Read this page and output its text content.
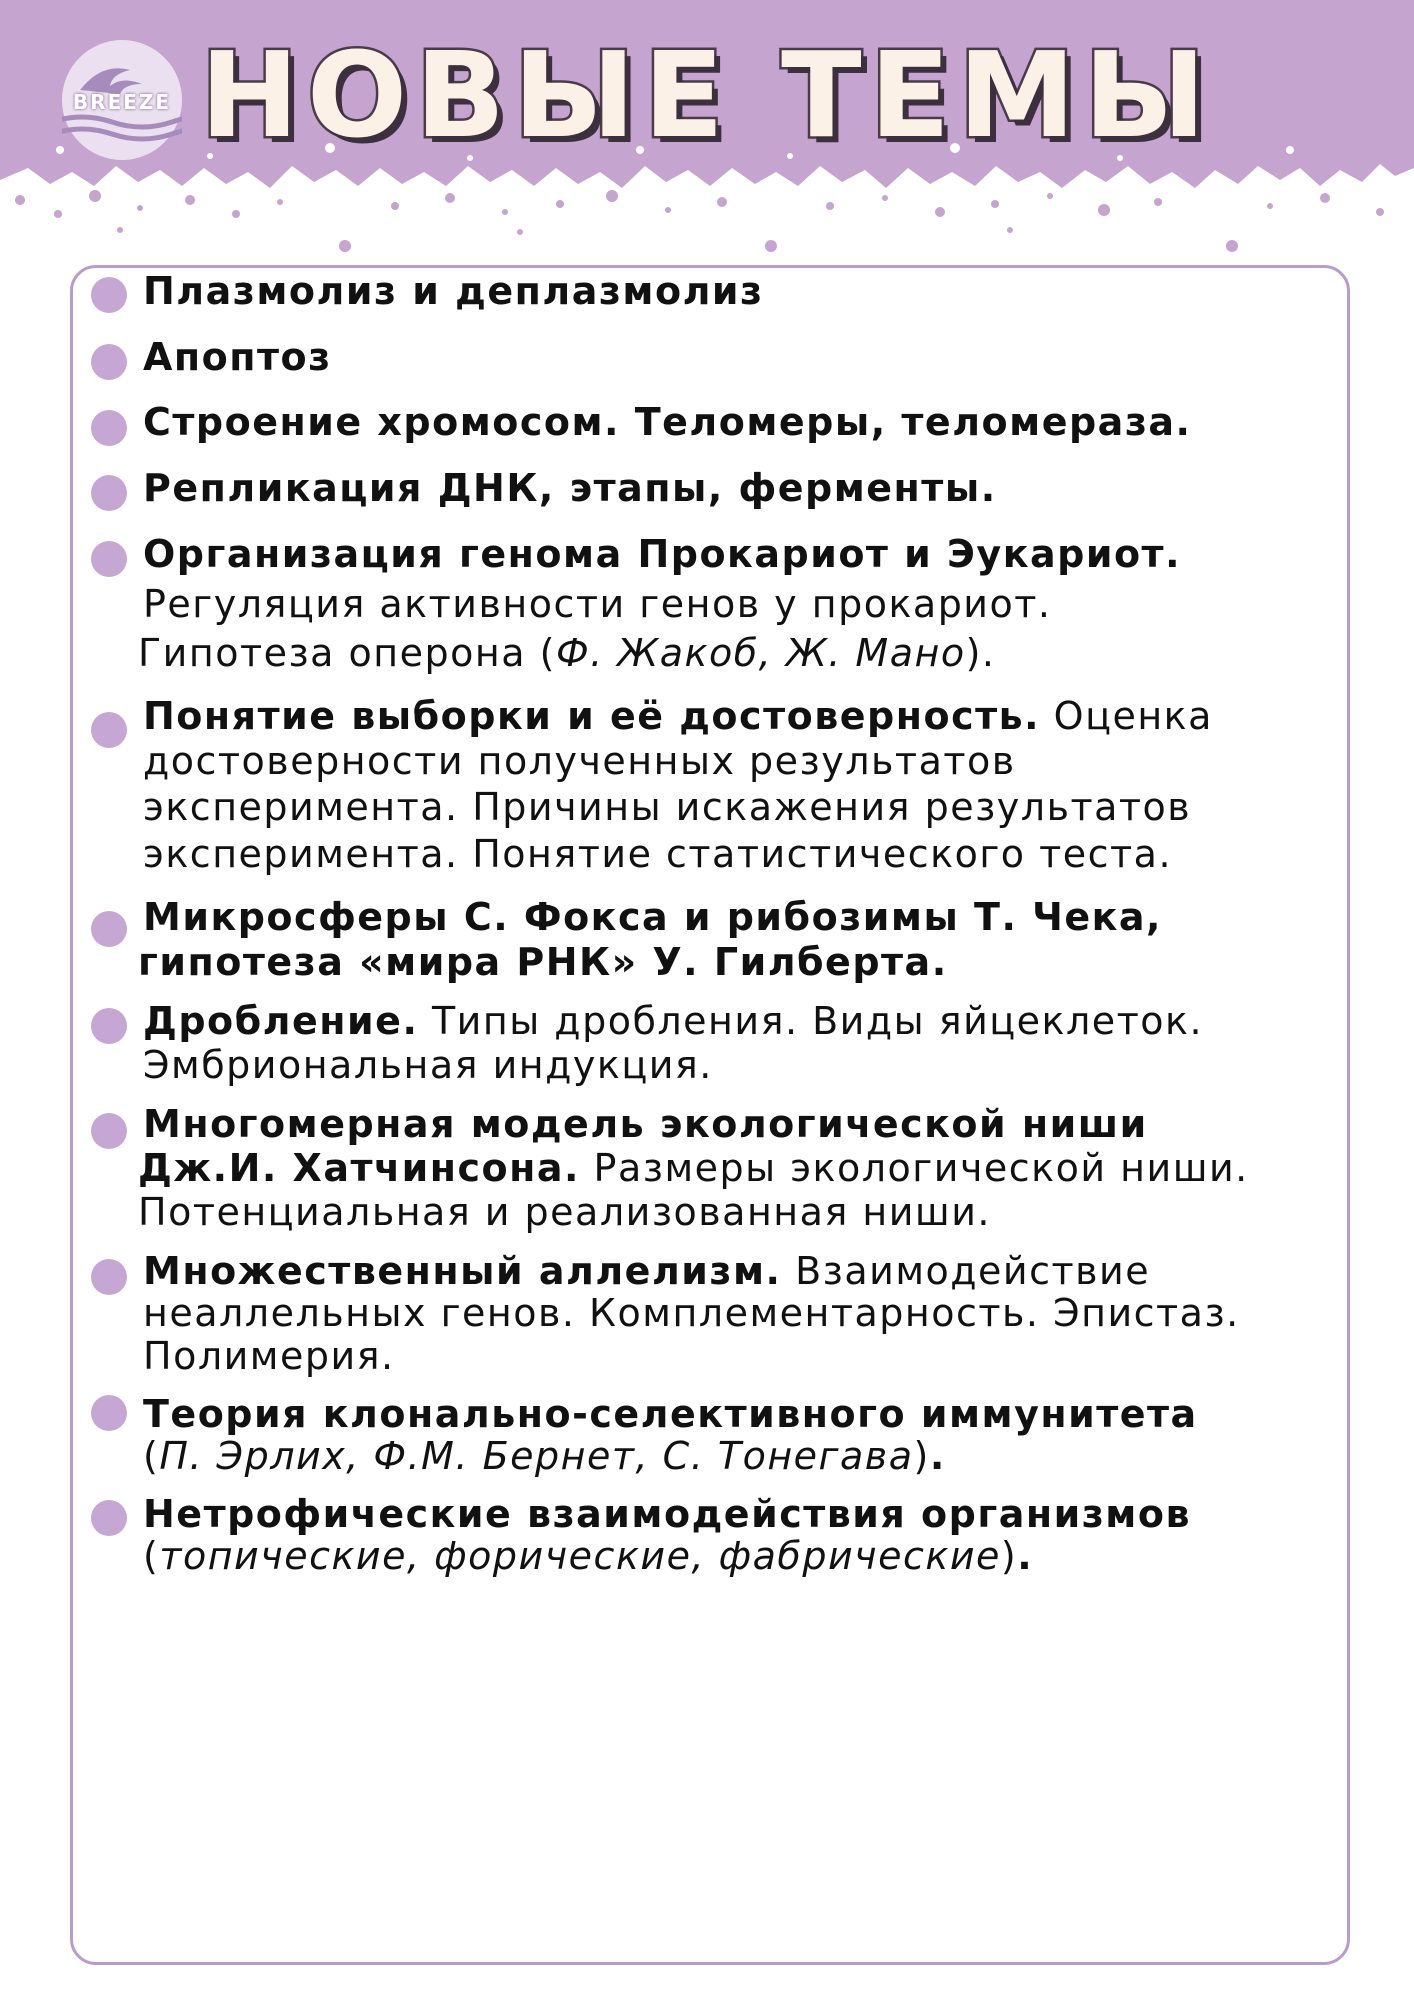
BREEZE НОВЫЕ ТЕМЫ
Плазмолиз и деплазмолиз
Апоптоз
Строение хромосом. Теломеры, теломераза.
Репликация ДНК, этапы, ферменты.
Организация генома Прокариот и Эукариот.
Регуляция активности генов у прокариот.
Гипотеза оперона (Ф. Жакоб, Ж. Мано).
Понятие выборки и её достоверность. Оценка
достоверности полученных результатов
эксперимента. Причины искажения результатов
эксперимента. Понятие статистического теста.
Микросферы С. Фокса и рибозимы Т. Чека,
гипотеза «мира РНК» У. Гилберта.
Дробление. Типы дробления. Виды яйцеклеток.
Эмбриональная индукция.
Многомерная модель экологической ниши
Дж.И. Хатчинсона. Размеры экологической ниши.
Потенциальная и реализованная ниши.
Множественный аллелизм. Взаимодействие
неаллельных генов. Комплементарность. Эпистаз.
Полимерия.
Теория клонально-селективного иммунитета
(П. Эрлих, Ф.М. Бернет, С. Тонегава).
Нетрофические взаимодействия организмов
(топические, форические, фабрические).
